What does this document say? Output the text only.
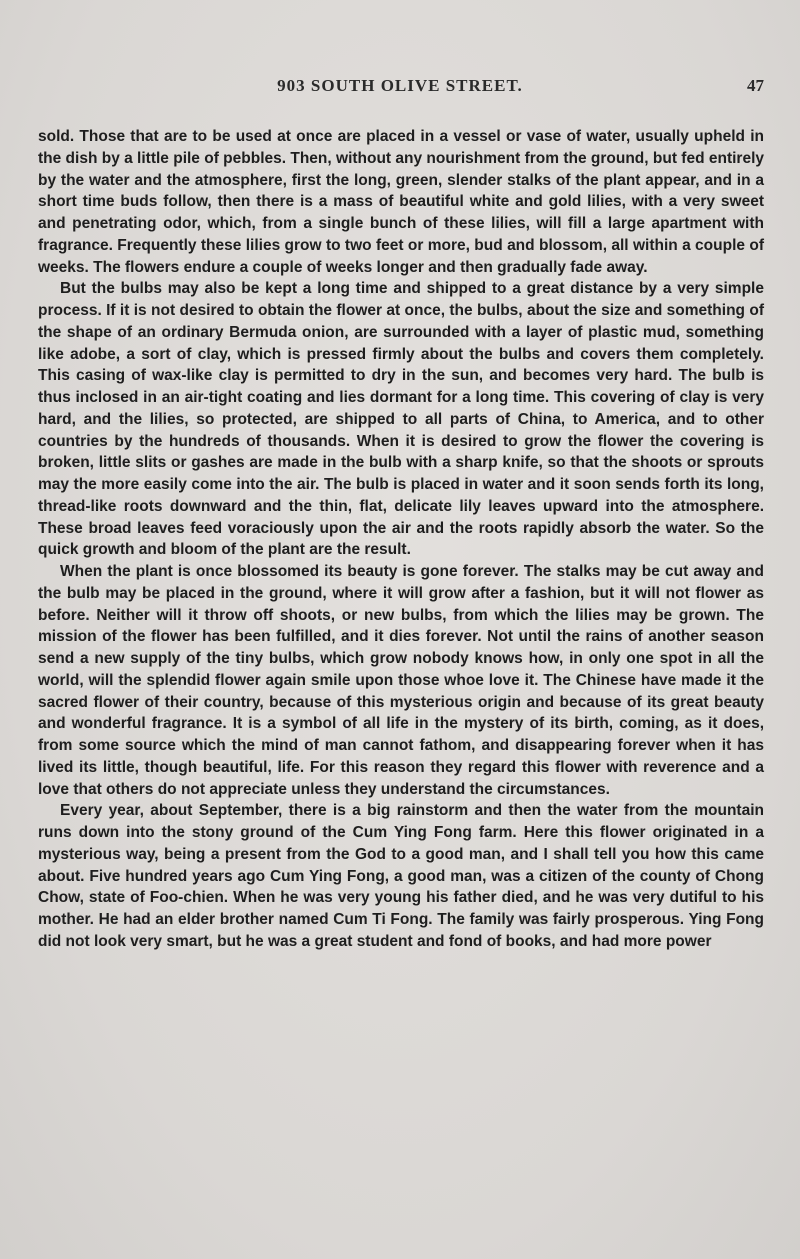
903 SOUTH OLIVE STREET.	47

sold. Those that are to be used at once are placed in a vessel or vase of water, usually upheld in the dish by a little pile of pebbles. Then, without any nourishment from the ground, but fed entirely by the water and the atmosphere, first the long, green, slender stalks of the plant appear, and in a short time buds follow, then there is a mass of beautiful white and gold lilies, with a very sweet and penetrating odor, which, from a single bunch of these lilies, will fill a large apartment with fragrance. Frequently these lilies grow to two feet or more, bud and blossom, all within a couple of weeks. The flowers endure a couple of weeks longer and then gradually fade away.

But the bulbs may also be kept a long time and shipped to a great distance by a very simple process. If it is not desired to obtain the flower at once, the bulbs, about the size and something of the shape of an ordinary Bermuda onion, are surrounded with a layer of plastic mud, something like adobe, a sort of clay, which is pressed firmly about the bulbs and covers them completely. This casing of wax-like clay is permitted to dry in the sun, and becomes very hard. The bulb is thus inclosed in an air-tight coating and lies dormant for a long time. This covering of clay is very hard, and the lilies, so protected, are shipped to all parts of China, to America, and to other countries by the hundreds of thousands. When it is desired to grow the flower the covering is broken, little slits or gashes are made in the bulb with a sharp knife, so that the shoots or sprouts may the more easily come into the air. The bulb is placed in water and it soon sends forth its long, thread-like roots downward and the thin, flat, delicate lily leaves upward into the atmosphere. These broad leaves feed voraciously upon the air and the roots rapidly absorb the water. So the quick growth and bloom of the plant are the result.

When the plant is once blossomed its beauty is gone forever. The stalks may be cut away and the bulb may be placed in the ground, where it will grow after a fashion, but it will not flower as before. Neither will it throw off shoots, or new bulbs, from which the lilies may be grown. The mission of the flower has been fulfilled, and it dies forever. Not until the rains of another season send a new supply of the tiny bulbs, which grow nobody knows how, in only one spot in all the world, will the splendid flower again smile upon those whoe love it. The Chinese have made it the sacred flower of their country, because of this mysterious origin and because of its great beauty and wonderful fragrance. It is a symbol of all life in the mystery of its birth, coming, as it does, from some source which the mind of man cannot fathom, and disappearing forever when it has lived its little, though beautiful, life. For this reason they regard this flower with reverence and a love that others do not appreciate unless they understand the circumstances.

Every year, about September, there is a big rainstorm and then the water from the mountain runs down into the stony ground of the Cum Ying Fong farm. Here this flower originated in a mysterious way, being a present from the God to a good man, and I shall tell you how this came about. Five hundred years ago Cum Ying Fong, a good man, was a citizen of the county of Chong Chow, state of Foo-chien. When he was very young his father died, and he was very dutiful to his mother. He had an elder brother named Cum Ti Fong. The family was fairly prosperous. Ying Fong did not look very smart, but he was a great student and fond of books, and had more power
